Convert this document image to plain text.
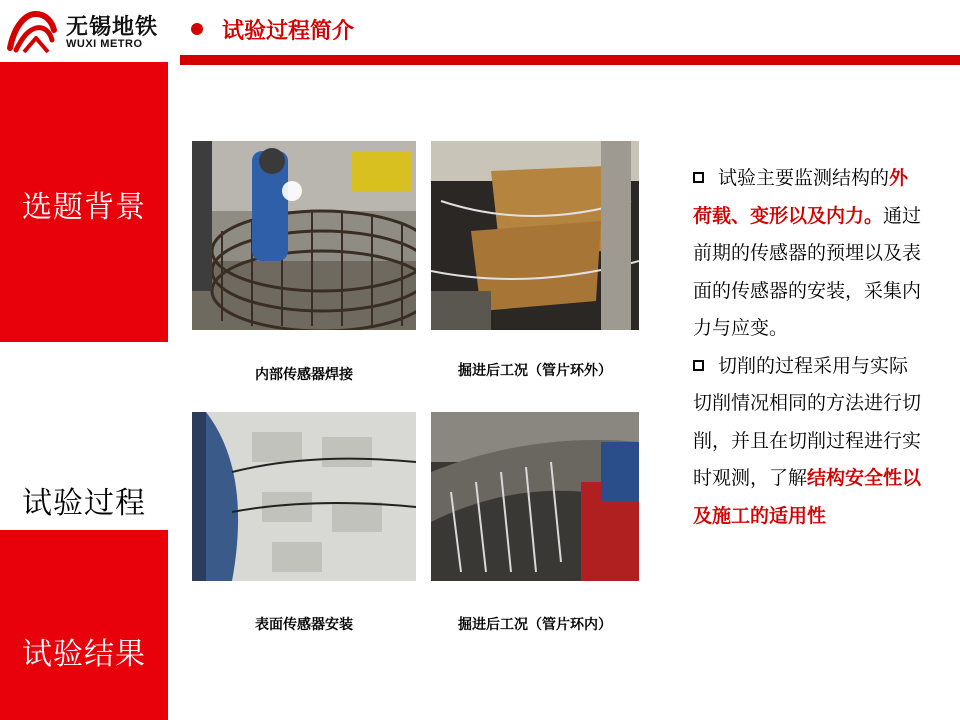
无锡地铁
WUXI METRO	试验过程简介
选题背景
研究方案
试验过程
试验结果
内部传感器焊接	掘进后工况（管片环外）
表面传感器安装	掘进后工况（管片环内）

试验主要监测结构的外荷载、变形以及内力。通过前期的传感器的预埋以及表面的传感器的安装，采集内力与应变。

切削的过程采用与实际切削情况相同的方法进行切削，并且在切削过程进行实时观测，了解结构安全性以及施工的适用性
